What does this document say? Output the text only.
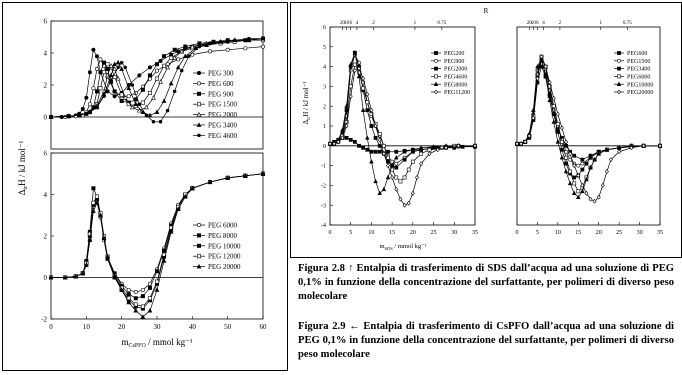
0
2
4
6
PEG 300
PEG 600
PEG 900
PEG 1500
PEG 2000
PEG 3400
PEG 4600
-2
0
2
4
6
0	10	20	30	40	50	60
PEG 6000
PEG 8000
PEG 10000
PEG 12000
PEG 20000
$\Delta_{tr}H$ / kJ mol⁻¹
$m_{CsPFO}$ / mmol kg⁻¹
R
-4
-3
-2
-1
0
1
2
3
4
5
6
0	5	10 15 20 25 30 35
20 10 6 4	2	1	0.75
PEG200
PEG900
PEG2000
PEG4600
PEG8000
PEG11200
0	5	10 15 20 25 30 35
20
10 6 4	2	1	0.75
PEG600
PEG1500
PEG3400
PEG6000
PEG10000
PEG20000
$\Delta_{tr}H$ / kJ mol⁻¹
$m_{SDS}$ / mmol kg⁻¹

Figura 2.8 ↑ Entalpia di trasferimento di SDS dall’acqua ad una soluzione di PEG 0,1% in funzione della concentrazione del surfattante, per polimeri di diverso peso molecolare

Figura 2.9 ← Entalpia di trasferimento di CsPFO dall’acqua ad una soluzione di PEG 0,1% in funzione della concentrazione del surfattante, per polimeri di diverso peso molecolare
